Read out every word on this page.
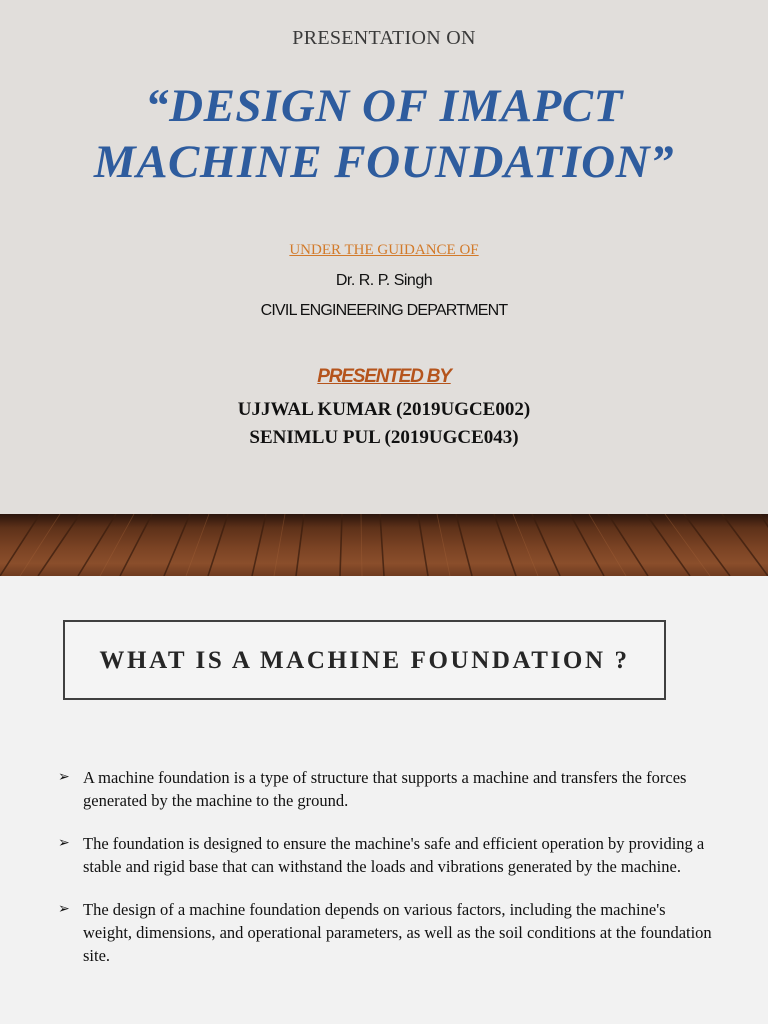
PRESENTATION ON
“DESIGN OF IMAPCT
MACHINE FOUNDATION”
UNDER THE GUIDANCE OF
Dr. R. P. Singh
CIVIL ENGINEERING DEPARTMENT
PRESENTED BY
UJJWAL KUMAR (2019UGCE002)
SENIMLU PUL (2019UGCE043)
WHAT IS A MACHINE FOUNDATION ?
➢ A machine foundation is a type of structure that supports a machine and transfers the forces generated by the machine to the ground.
➢ The foundation is designed to ensure the machine's safe and efficient operation by providing a stable and rigid base that can withstand the loads and vibrations generated by the machine.
➢ The design of a machine foundation depends on various factors, including the machine's weight, dimensions, and operational parameters, as well as the soil conditions at the foundation site.
